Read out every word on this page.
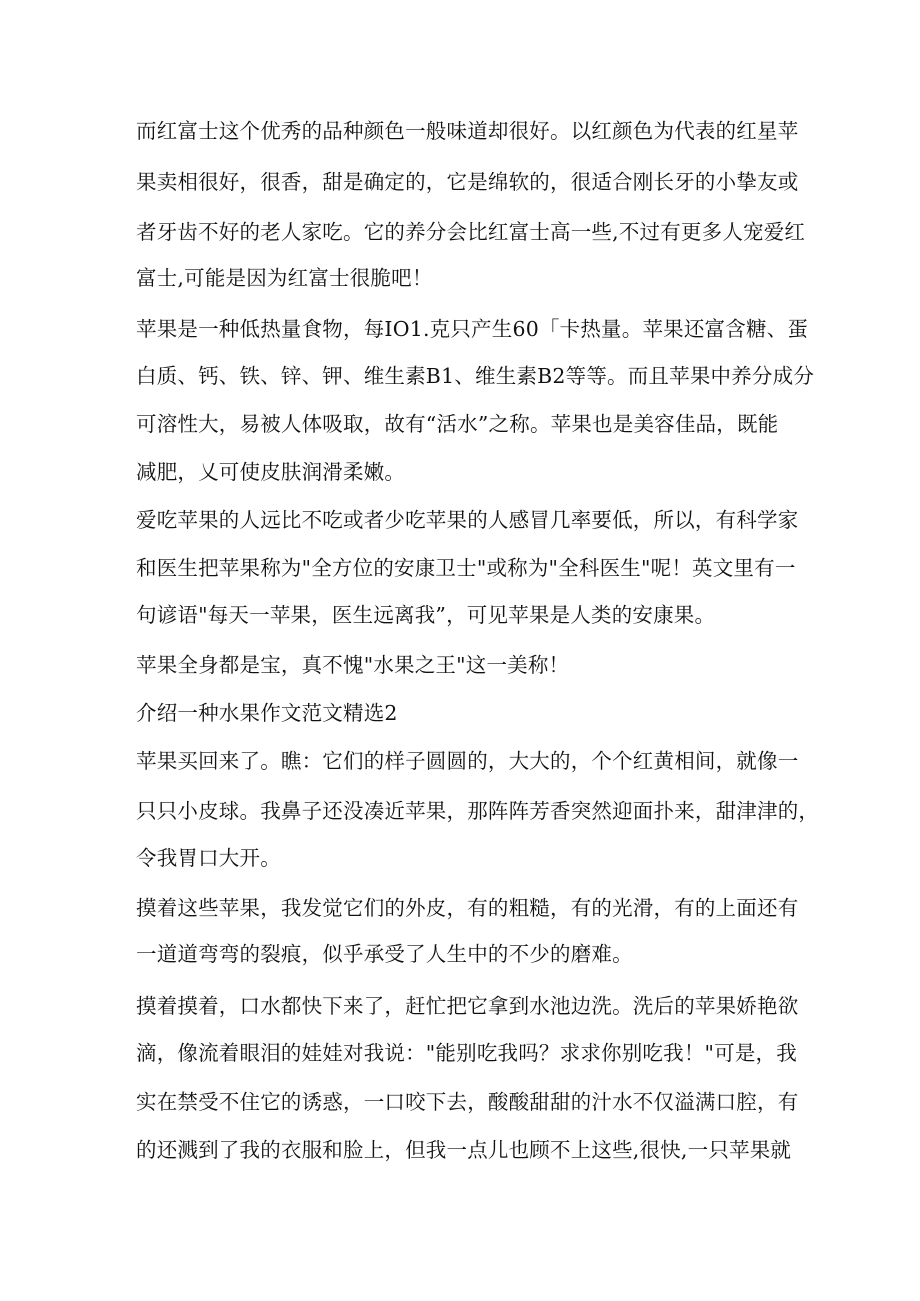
而红富士这个优秀的品种颜色一般味道却很好。以红颜色为代表的红星苹
果卖相很好，很香，甜是确定的，它是绵软的，很适合刚长牙的小挚友或
者牙齿不好的老人家吃。它的养分会比红富士高一些,不过有更多人宠爱红
富士,可能是因为红富士很脆吧！
苹果是一种低热量食物，每IO1.克只产生60「卡热量。苹果还富含糖、蛋
白质、钙、铁、锌、钾、维生素B1、维生素B2等等。而且苹果中养分成分
可溶性大，易被人体吸取，故有“活水”之称。苹果也是美容佳品，既能
减肥，乂可使皮肤润滑柔嫩。
爱吃苹果的人远比不吃或者少吃苹果的人感冒几率要低，所以，有科学家
和医生把苹果称为"全方位的安康卫士"或称为"全科医生"呢！英文里有一
句谚语"每天一苹果，医生远离我”，可见苹果是人类的安康果。
苹果全身都是宝，真不愧"水果之王"这一美称！
介绍一种水果作文范文精选2
苹果买回来了。瞧：它们的样子圆圆的，大大的，个个红黄相间，就像一
只只小皮球。我鼻子还没凑近苹果，那阵阵芳香突然迎面扑来，甜津津的，
令我胃口大开。
摸着这些苹果，我发觉它们的外皮，有的粗糙，有的光滑，有的上面还有
一道道弯弯的裂痕，似乎承受了人生中的不少的磨难。
摸着摸着，口水都快下来了，赶忙把它拿到水池边洗。洗后的苹果娇艳欲
滴，像流着眼泪的娃娃对我说："能别吃我吗？求求你别吃我！"可是，我
实在禁受不住它的诱惑，一口咬下去，酸酸甜甜的汁水不仅溢满口腔，有
的还溅到了我的衣服和脸上，但我一点儿也顾不上这些,很快,一只苹果就
